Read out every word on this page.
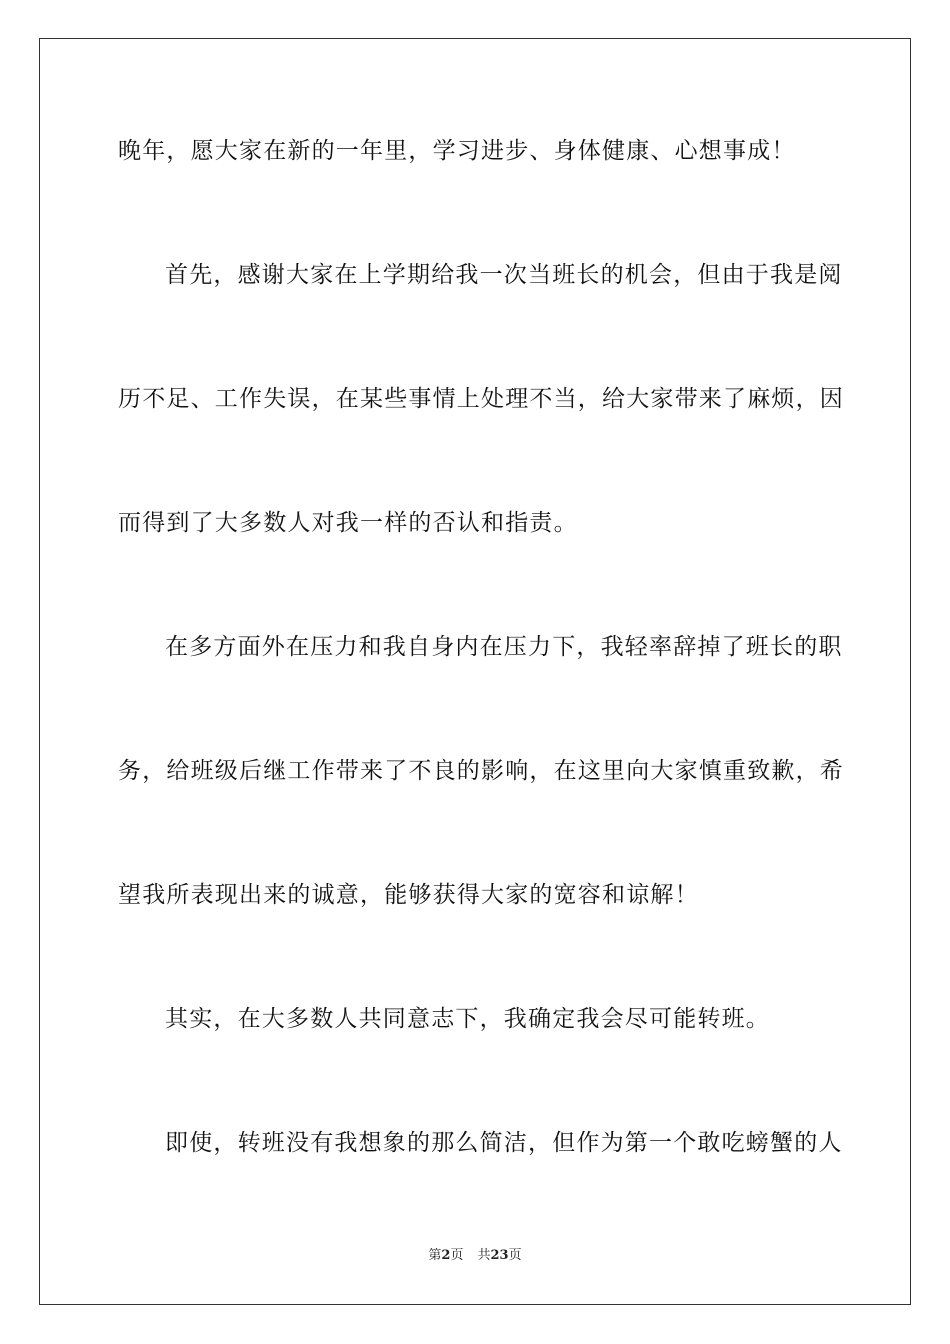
晚年，愿大家在新的一年里，学习进步、身体健康、心想事成！
首先，感谢大家在上学期给我一次当班长的机会，但由于我是阅
历不足、工作失误，在某些事情上处理不当，给大家带来了麻烦，因
而得到了大多数人对我一样的否认和指责。
在多方面外在压力和我自身内在压力下，我轻率辞掉了班长的职
务，给班级后继工作带来了不良的影响，在这里向大家慎重致歉，希
望我所表现出来的诚意，能够获得大家的宽容和谅解！
其实，在大多数人共同意志下，我确定我会尽可能转班。
即使，转班没有我想象的那么简洁，但作为第一个敢吃螃蟹的人
第2页 共23页
